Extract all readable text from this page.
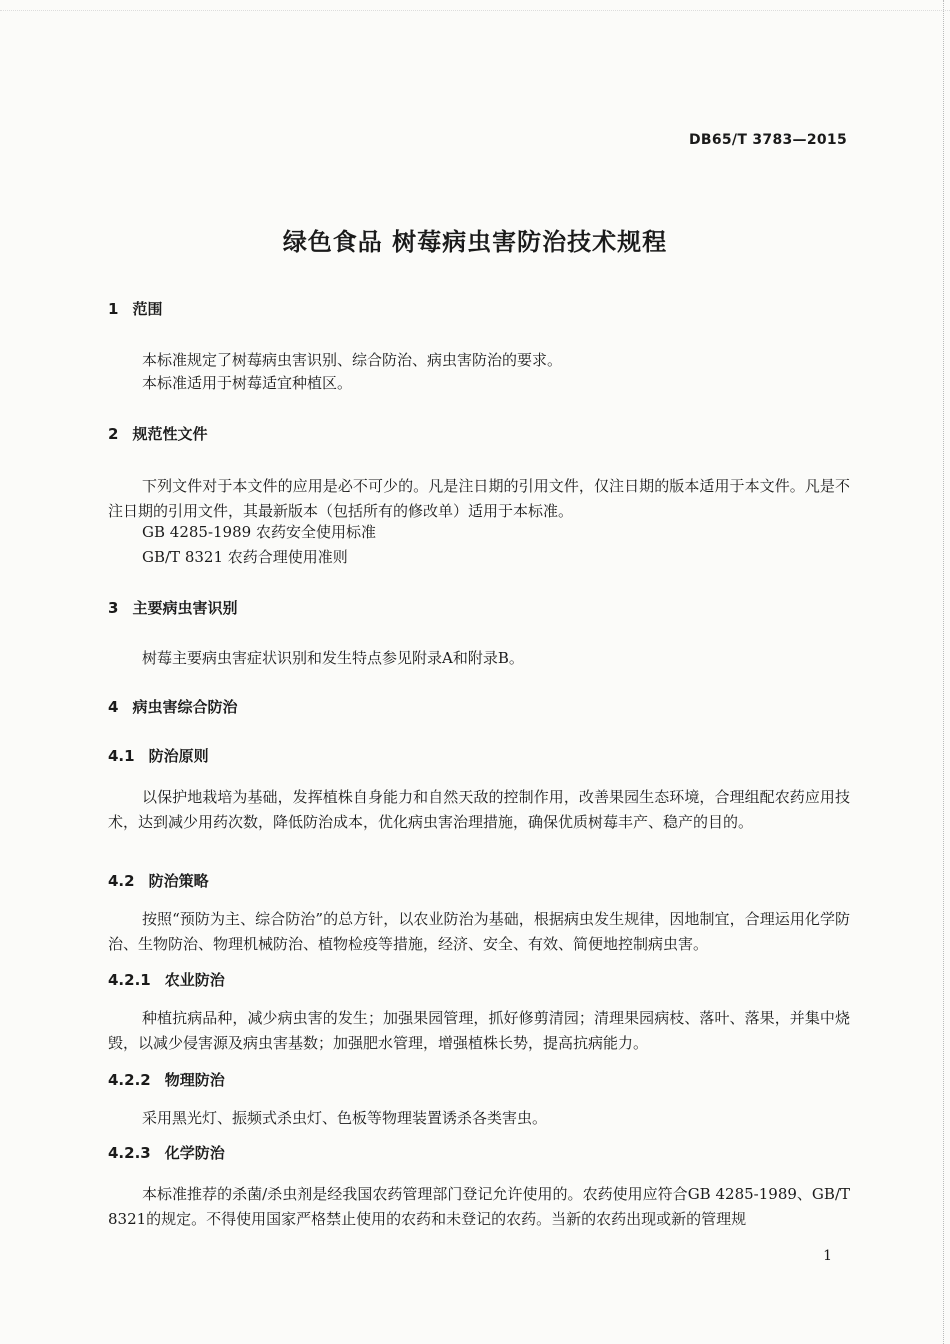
DB65/T 3783—2015
绿色食品 树莓病虫害防治技术规程
1 范围
本标准规定了树莓病虫害识别、综合防治、病虫害防治的要求。
本标准适用于树莓适宜种植区。
2 规范性文件
下列文件对于本文件的应用是必不可少的。凡是注日期的引用文件，仅注日期的版本适用于本文件。凡是不注日期的引用文件，其最新版本（包括所有的修改单）适用于本标准。
GB 4285-1989 农药安全使用标准
GB/T 8321 农药合理使用准则
3 主要病虫害识别
树莓主要病虫害症状识别和发生特点参见附录A和附录B。
4 病虫害综合防治
4.1 防治原则
以保护地栽培为基础，发挥植株自身能力和自然天敌的控制作用，改善果园生态环境，合理组配农药应用技术，达到减少用药次数，降低防治成本，优化病虫害治理措施，确保优质树莓丰产、稳产的目的。
4.2 防治策略
按照“预防为主、综合防治”的总方针，以农业防治为基础，根据病虫发生规律，因地制宜，合理运用化学防治、生物防治、物理机械防治、植物检疫等措施，经济、安全、有效、简便地控制病虫害。
4.2.1 农业防治
种植抗病品种，减少病虫害的发生；加强果园管理，抓好修剪清园；清理果园病枝、落叶、落果，并集中烧毁，以减少侵害源及病虫害基数；加强肥水管理，增强植株长势，提高抗病能力。
4.2.2 物理防治
采用黑光灯、振频式杀虫灯、色板等物理装置诱杀各类害虫。
4.2.3 化学防治
本标准推荐的杀菌/杀虫剂是经我国农药管理部门登记允许使用的。农药使用应符合GB 4285-1989、GB/T 8321的规定。不得使用国家严格禁止使用的农药和未登记的农药。当新的农药出现或新的管理规
1
